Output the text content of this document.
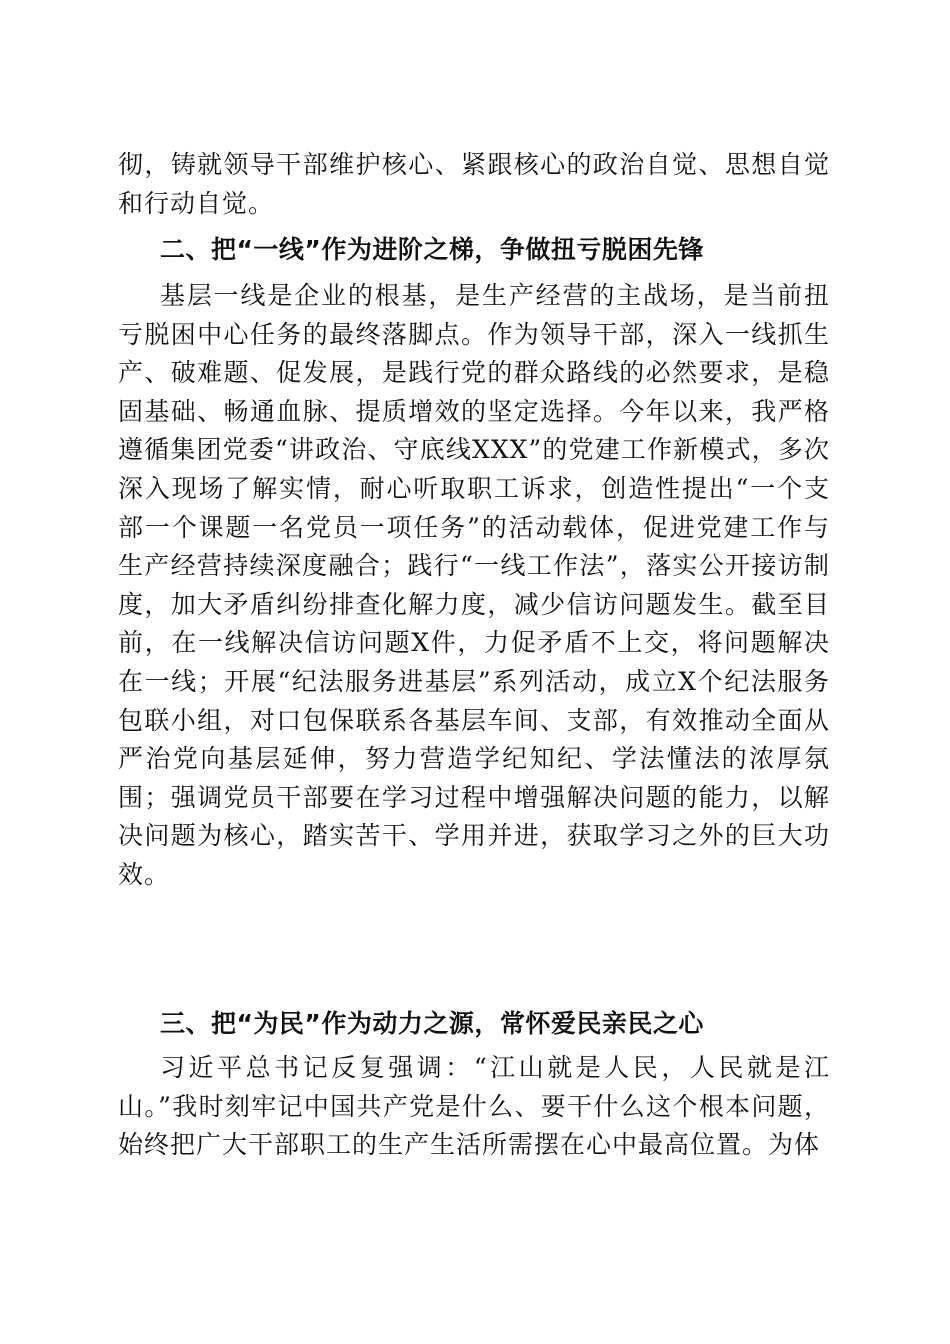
彻，铸就领导干部维护核心、紧跟核心的政治自觉、思想自觉和行动自觉。
二、把“一线”作为进阶之梯，争做扭亏脱困先锋
基层一线是企业的根基，是生产经营的主战场，是当前扭亏脱困中心任务的最终落脚点。作为领导干部，深入一线抓生产、破难题、促发展，是践行党的群众路线的必然要求，是稳固基础、畅通血脉、提质增效的坚定选择。今年以来，我严格遵循集团党委“讲政治、守底线XXX”的党建工作新模式，多次深入现场了解实情，耐心听取职工诉求，创造性提出“一个支部一个课题一名党员一项任务”的活动载体，促进党建工作与生产经营持续深度融合；践行“一线工作法”，落实公开接访制度，加大矛盾纠纷排查化解力度，减少信访问题发生。截至目前，在一线解决信访问题X件，力促矛盾不上交，将问题解决在一线；开展“纪法服务进基层”系列活动，成立X个纪法服务包联小组，对口包保联系各基层车间、支部，有效推动全面从严治党向基层延伸，努力营造学纪知纪、学法懂法的浓厚氛围；强调党员干部要在学习过程中增强解决问题的能力，以解决问题为核心，踏实苦干、学用并进，获取学习之外的巨大功效。
三、把“为民”作为动力之源，常怀爱民亲民之心
习近平总书记反复强调：“江山就是人民，人民就是江山。”我时刻牢记中国共产党是什么、要干什么这个根本问题，始终把广大干部职工的生产生活所需摆在心中最高位置。为体
